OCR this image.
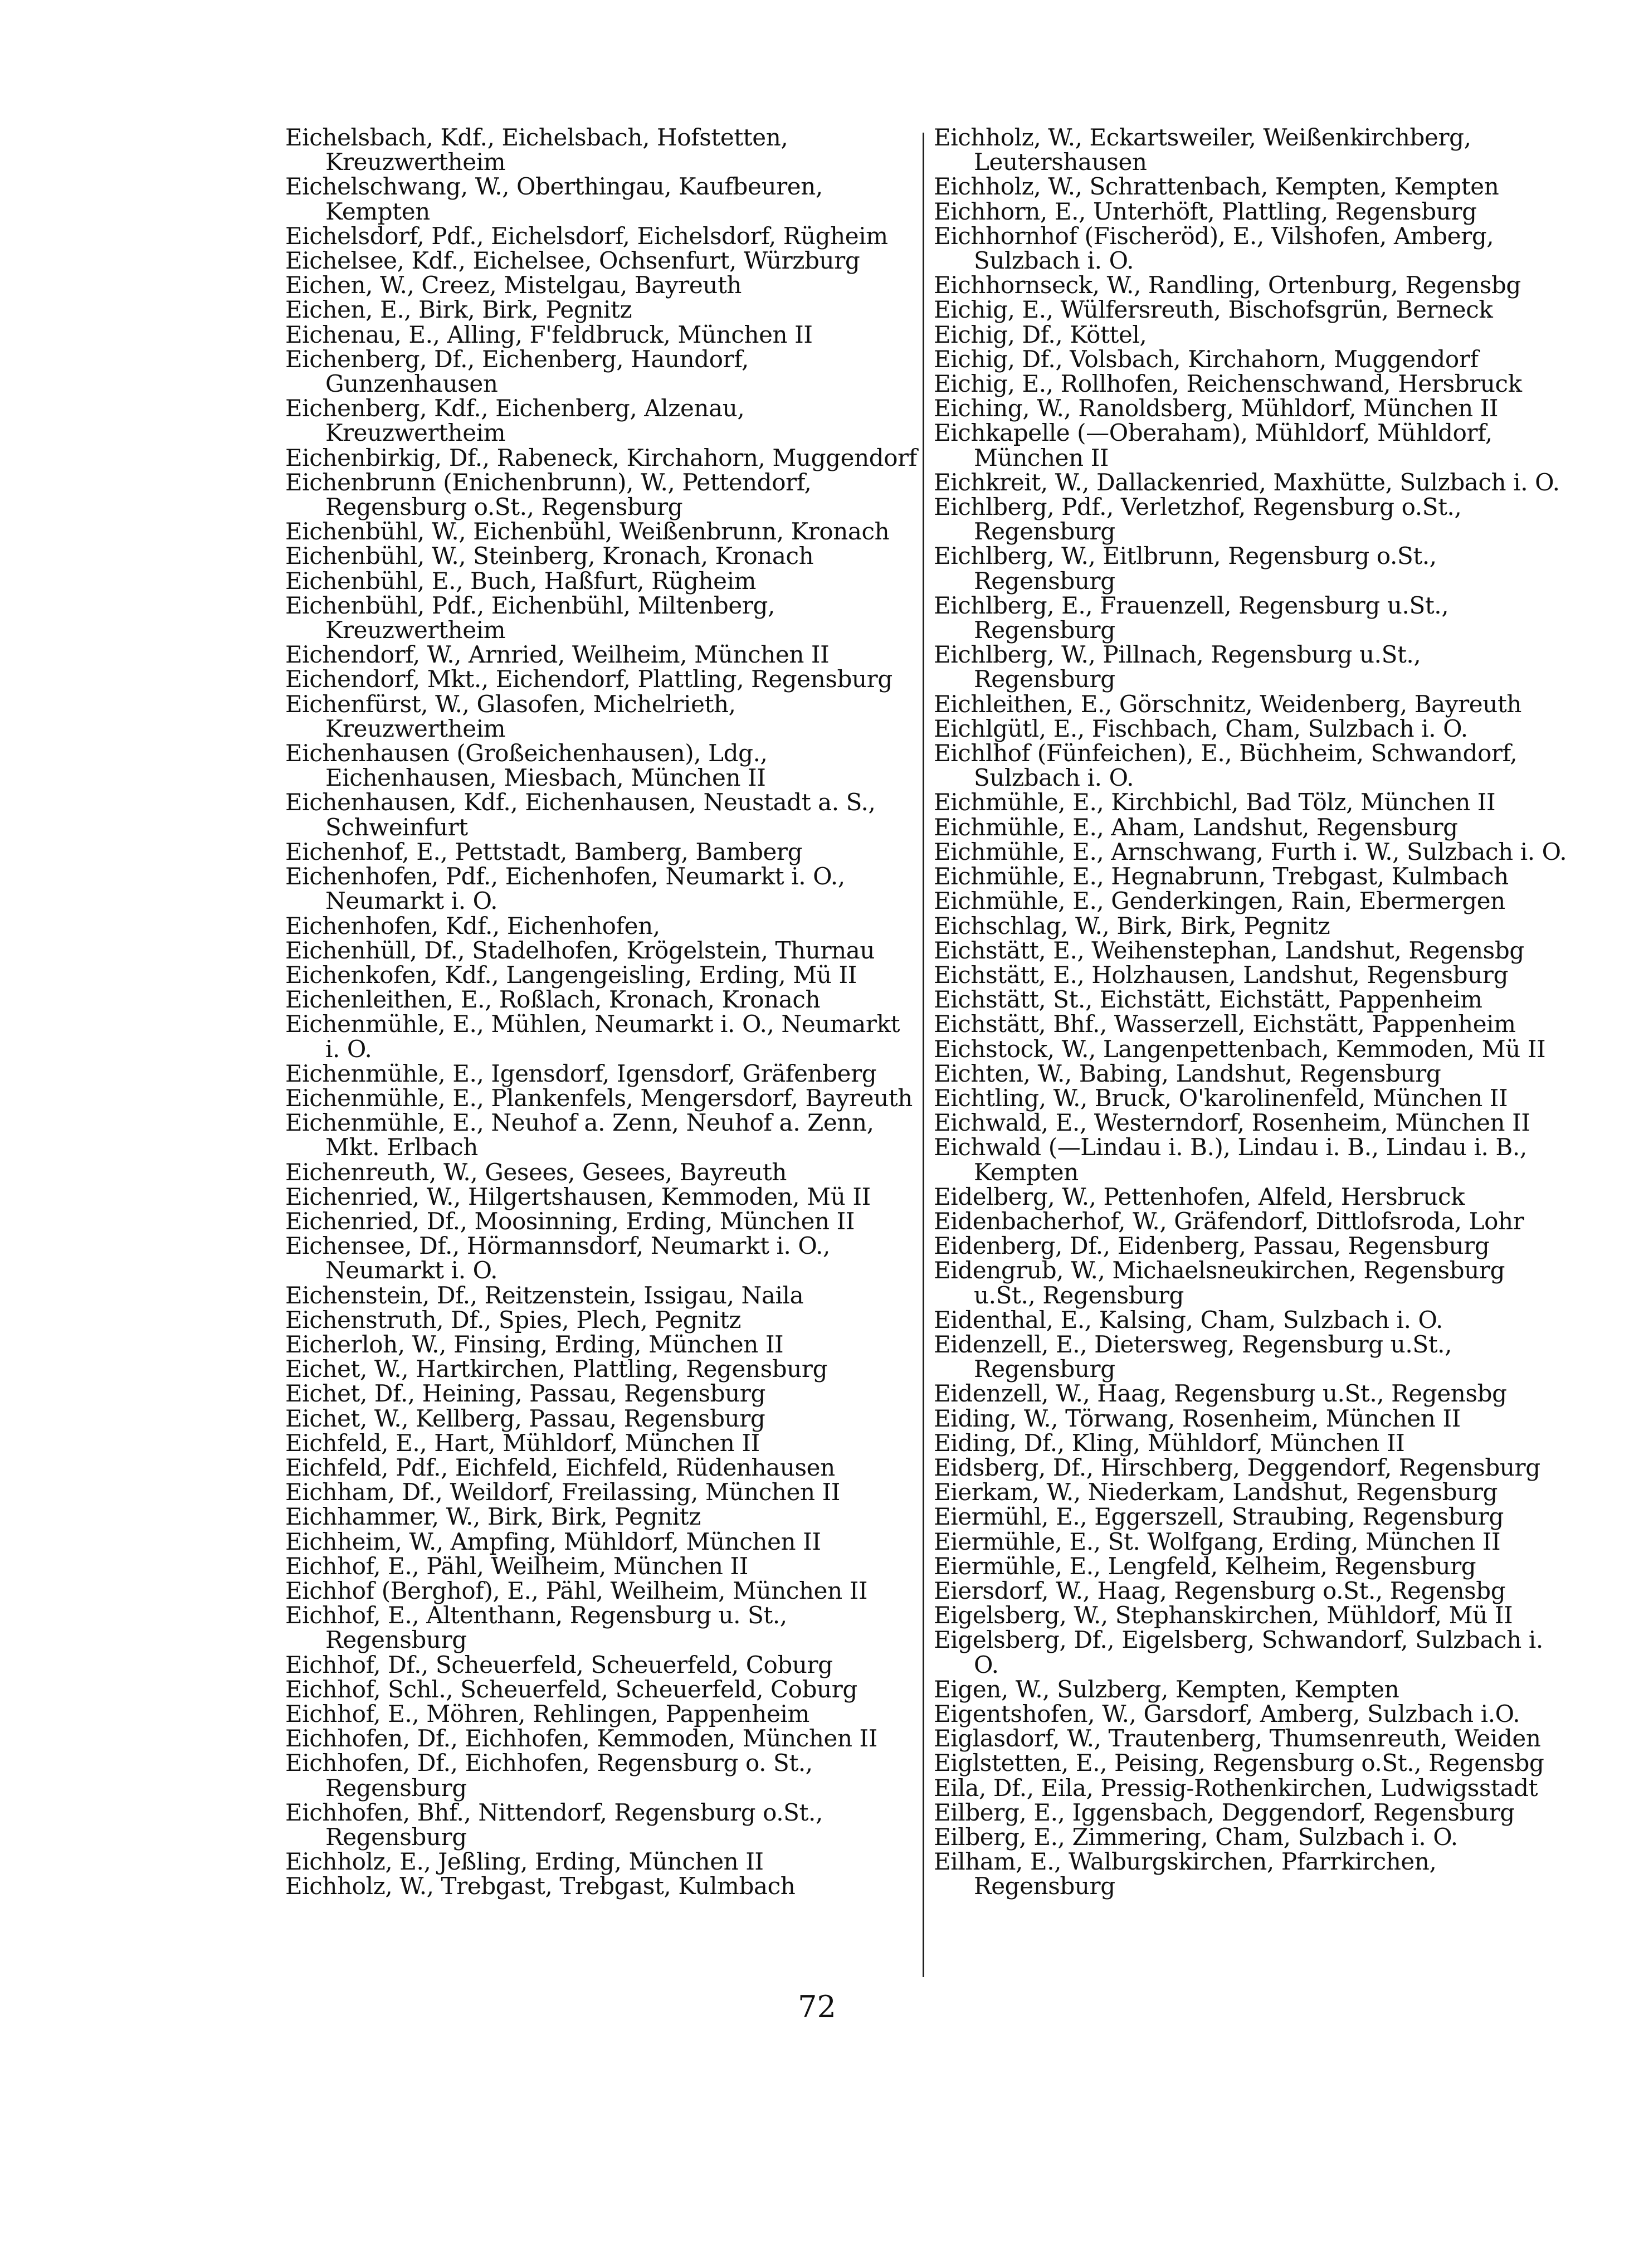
Eichelsbach, Kdf., Eichelsbach, Hofstetten, Kreuzwertheim
Eichelschwang, W., Oberthingau, Kaufbeuren, Kempten
Eichelsdorf, Pdf., Eichelsdorf, Eichelsdorf, Rügheim
Eichelsee, Kdf., Eichelsee, Ochsenfurt, Würzburg
Eichen, W., Creez, Mistelgau, Bayreuth
Eichen, E., Birk, Birk, Pegnitz
Eichenau, E., Alling, F'feldbruck, München II
Eichenberg, Df., Eichenberg, Haundorf, Gunzenhausen
Eichenberg, Kdf., Eichenberg, Alzenau, Kreuzwertheim
Eichenbirkig, Df., Rabeneck, Kirchahorn, Muggendorf
Eichenbrunn (Enichenbrunn), W., Pettendorf, Regensburg o.St., Regensburg
Eichenbühl, W., Eichenbühl, Weißenbrunn, Kronach
Eichenbühl, W., Steinberg, Kronach, Kronach
Eichenbühl, E., Buch, Haßfurt, Rügheim
Eichenbühl, Pdf., Eichenbühl, Miltenberg, Kreuzwertheim
Eichendorf, W., Arnried, Weilheim, München II
Eichendorf, Mkt., Eichendorf, Plattling, Regensburg
Eichenfürst, W., Glasofen, Michelrieth, Kreuzwertheim
Eichenhausen (Großeichenhausen), Ldg., Eichenhausen, Miesbach, München II
Eichenhausen, Kdf., Eichenhausen, Neustadt a. S., Schweinfurt
Eichenhof, E., Pettstadt, Bamberg, Bamberg
Eichenhofen, Pdf., Eichenhofen, Neumarkt i. O., Neumarkt i. O.
Eichenhofen, Kdf., Eichenhofen,
Eichenhüll, Df., Stadelhofen, Krögelstein, Thurnau
Eichenkofen, Kdf., Langengeisling, Erding, Mü II
Eichenleithen, E., Roßlach, Kronach, Kronach
Eichenmühle, E., Mühlen, Neumarkt i. O., Neumarkt i. O.
Eichenmühle, E., Igensdorf, Igensdorf, Gräfenberg
Eichenmühle, E., Plankenfels, Mengersdorf, Bayreuth
Eichenmühle, E., Neuhof a. Zenn, Neuhof a. Zenn, Mkt. Erlbach
Eichenreuth, W., Gesees, Gesees, Bayreuth
Eichenried, W., Hilgertshausen, Kemmoden, Mü II
Eichenried, Df., Moosinning, Erding, München II
Eichensee, Df., Hörmannsdorf, Neumarkt i. O., Neumarkt i. O.
Eichenstein, Df., Reitzenstein, Issigau, Naila
Eichenstruth, Df., Spies, Plech, Pegnitz
Eicherloh, W., Finsing, Erding, München II
Eichet, W., Hartkirchen, Plattling, Regensburg
Eichet, Df., Heining, Passau, Regensburg
Eichet, W., Kellberg, Passau, Regensburg
Eichfeld, E., Hart, Mühldorf, München II
Eichfeld, Pdf., Eichfeld, Eichfeld, Rüdenhausen
Eichham, Df., Weildorf, Freilassing, München II
Eichhammer, W., Birk, Birk, Pegnitz
Eichheim, W., Ampfing, Mühldorf, München II
Eichhof, E., Pähl, Weilheim, München II
Eichhof (Berghof), E., Pähl, Weilheim, München II
Eichhof, E., Altenthann, Regensburg u. St., Regensburg
Eichhof, Df., Scheuerfeld, Scheuerfeld, Coburg
Eichhof, Schl., Scheuerfeld, Scheuerfeld, Coburg
Eichhof, E., Möhren, Rehlingen, Pappenheim
Eichhofen, Df., Eichhofen, Kemmoden, München II
Eichhofen, Df., Eichhofen, Regensburg o. St., Regensburg
Eichhofen, Bhf., Nittendorf, Regensburg o.St., Regensburg
Eichholz, E., Jeßling, Erding, München II
Eichholz, W., Trebgast, Trebgast, Kulmbach
Eichholz, W., Eckartsweiler, Weißenkirchberg, Leutershausen
Eichholz, W., Schrattenbach, Kempten, Kempten
Eichhorn, E., Unterhöft, Plattling, Regensburg
Eichhornhof (Fischeröd), E., Vilshofen, Amberg, Sulzbach i. O.
Eichhornseck, W., Randling, Ortenburg, Regensbg
Eichig, E., Wülfersreuth, Bischofsgrün, Berneck
Eichig, Df., Köttel,
Eichig, Df., Volsbach, Kirchahorn, Muggendorf
Eichig, E., Rollhofen, Reichenschwand, Hersbruck
Eiching, W., Ranoldsberg, Mühldorf, München II
Eichkapelle (—Oberaham), Mühldorf, Mühldorf, München II
Eichkreit, W., Dallackenried, Maxhütte, Sulzbach i. O.
Eichlberg, Pdf., Verletzhof, Regensburg o.St., Regensburg
Eichlberg, W., Eitlbrunn, Regensburg o.St., Regensburg
Eichlberg, E., Frauenzell, Regensburg u.St., Regensburg
Eichlberg, W., Pillnach, Regensburg u.St., Regensburg
Eichleithen, E., Görschnitz, Weidenberg, Bayreuth
Eichlgütl, E., Fischbach, Cham, Sulzbach i. O.
Eichlhof (Fünfeichen), E., Büchheim, Schwandorf, Sulzbach i. O.
Eichmühle, E., Kirchbichl, Bad Tölz, München II
Eichmühle, E., Aham, Landshut, Regensburg
Eichmühle, E., Arnschwang, Furth i. W., Sulzbach i. O.
Eichmühle, E., Hegnabrunn, Trebgast, Kulmbach
Eichmühle, E., Genderkingen, Rain, Ebermergen
Eichschlag, W., Birk, Birk, Pegnitz
Eichstätt, E., Weihenstephan, Landshut, Regensbg
Eichstätt, E., Holzhausen, Landshut, Regensburg
Eichstätt, St., Eichstätt, Eichstätt, Pappenheim
Eichstätt, Bhf., Wasserzell, Eichstätt, Pappenheim
Eichstock, W., Langenpettenbach, Kemmoden, Mü II
Eichten, W., Babing, Landshut, Regensburg
Eichtling, W., Bruck, O'karolinenfeld, München II
Eichwald, E., Westerndorf, Rosenheim, München II
Eichwald (—Lindau i. B.), Lindau i. B., Lindau i. B., Kempten
Eidelberg, W., Pettenhofen, Alfeld, Hersbruck
Eidenbacherhof, W., Gräfendorf, Dittlofsroda, Lohr
Eidenberg, Df., Eidenberg, Passau, Regensburg
Eidengrub, W., Michaelsneukirchen, Regensburg u.St., Regensburg
Eidenthal, E., Kalsing, Cham, Sulzbach i. O.
Eidenzell, E., Dietersweg, Regensburg u.St., Regensburg
Eidenzell, W., Haag, Regensburg u.St., Regensbg
Eiding, W., Törwang, Rosenheim, München II
Eiding, Df., Kling, Mühldorf, München II
Eidsberg, Df., Hirschberg, Deggendorf, Regensburg
Eierkam, W., Niederkam, Landshut, Regensburg
Eiermühl, E., Eggerszell, Straubing, Regensburg
Eiermühle, E., St. Wolfgang, Erding, München II
Eiermühle, E., Lengfeld, Kelheim, Regensburg
Eiersdorf, W., Haag, Regensburg o.St., Regensbg
Eigelsberg, W., Stephanskirchen, Mühldorf, Mü II
Eigelsberg, Df., Eigelsberg, Schwandorf, Sulzbach i. O.
Eigen, W., Sulzberg, Kempten, Kempten
Eigentshofen, W., Garsdorf, Amberg, Sulzbach i.O.
Eiglasdorf, W., Trautenberg, Thumsenreuth, Weiden
Eiglstetten, E., Peising, Regensburg o.St., Regensbg
Eila, Df., Eila, Pressig-Rothenkirchen, Ludwigsstadt
Eilberg, E., Iggensbach, Deggendorf, Regensburg
Eilberg, E., Zimmering, Cham, Sulzbach i. O.
Eilham, E., Walburgskirchen, Pfarrkirchen, Regensburg
72
